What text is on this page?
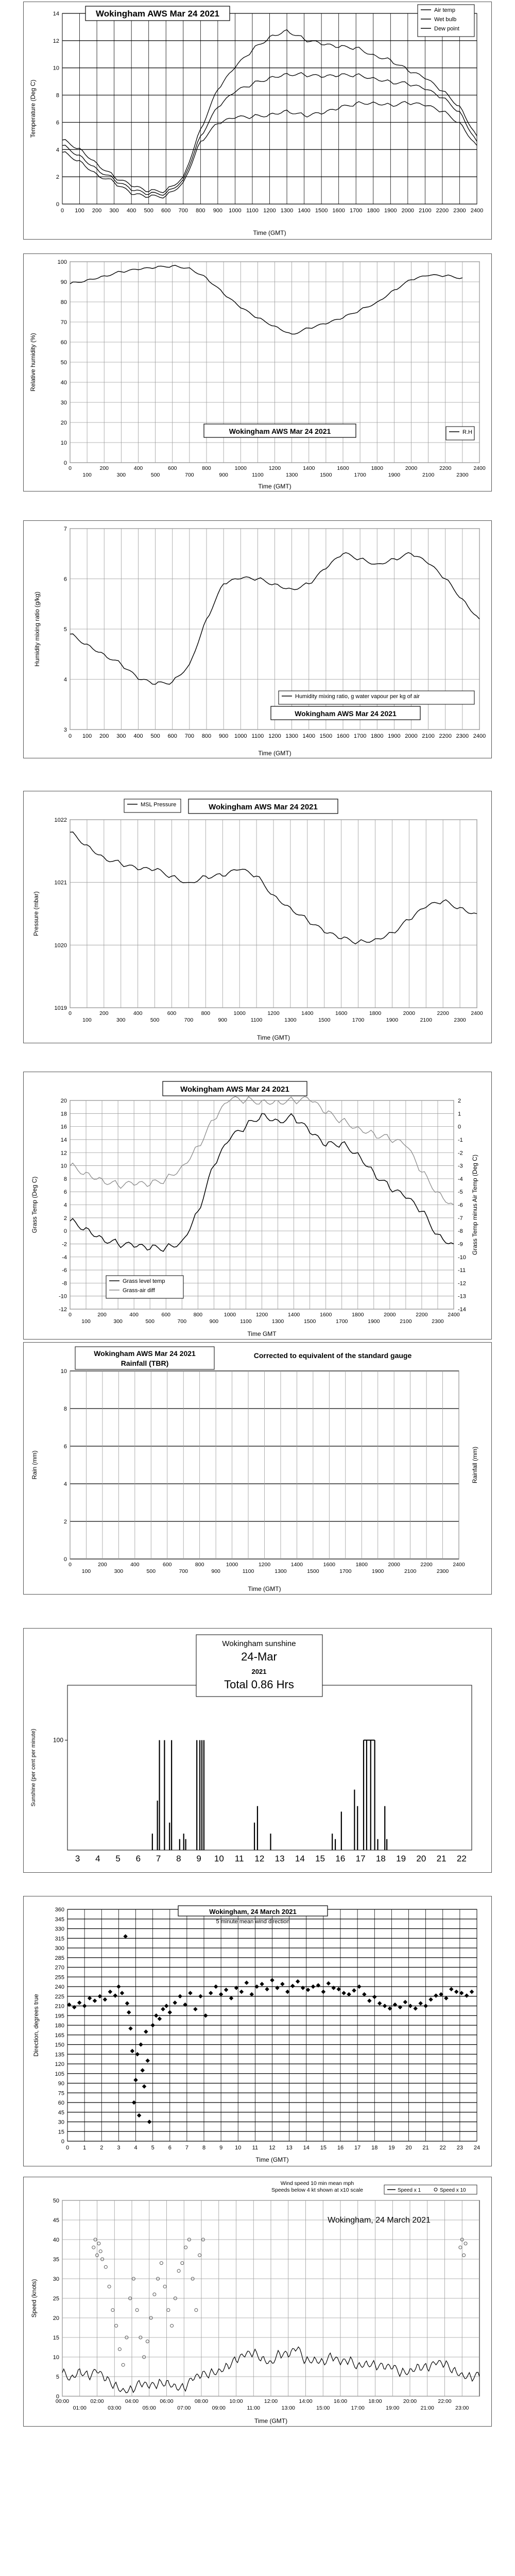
0
2
4
6
8
10
12
14
0 100 200 300 400 500 600 700 800 900 1000 1100 1200 1300 1400 1500 1600 1700 1800 1900 2000 2100 2200 2300 2400
Time (GMT)
Temperature (Deg C)
Wokingham AWS Mar 24 2021	Air temp
Wet bulb
Dew point
0
10
20
30
40
50
60
70
80
90
100
0	200	400	600	800	1000	1200	1400	1600	1800	2000	2200	2400
100	300	500	700	900	1100	1300	1500	1700	1900	2100	2300
Time (GMT)
Relative humidity (%)
Wokingham AWS Mar 24 2021	R.H
3
4
5
6
7
0 100 200 300 400 500 600 700 800 900 1000 1100 1200 1300 1400 1500 1600 1700 1800 1900 2000 2100 2200 2300 2400
Time (GMT)
Humidity mixing ratio (g/kg)
Wokingham AWS Mar 24 2021
Humidity mixing ratio, g water vapour per kg of air
1019
1020
1021
1022
0	200	400	600	800	1000	1200	1400	1600	1800	2000	2200	2400
100	300	500	700	900	1100	1300	1500	1700	1900	2100	2300
Time (GMT)
Pressure (mbar)
Wokingham AWS Mar 24 2021
MSL Pressure
20
18
16
14
12
10
8
6
4
2
0
-2
-4
-6
-8
-10
-12
0	200	400	600	800	1000	1200	1400	1600	1800	2000	2200	2400
100	300	500	700	900	1100	1300	1500	1700	1900	2100	2300
Time GMT
Grass Temp (Deg C)
2
1
0
-1
-2
-3
-4
-5
-6
-7
-8
-9
-10
-11
-12
-13
-14
Grass Temp minus Air Temp (Deg C)
Wokingham AWS Mar 24 2021
Grass level temp
Grass-air diff
0
2
4
6
8
10
0	200	400	600	800	1000	1200	1400	1600	1800	2000	2200	2400
100	300	500	700	900	1100	1300	1500	1700	1900	2100	2300
Time (GMT)
Rain (mm)	Rainfall (mm)
Wokingham AWS Mar 24 2021
Rainfall (TBR)
Corrected to equivalent of the standard gauge
100
3 4 5 6 7 8 9 10 11 12 13 14 15 16 17 18 19 20 21 22
Sunshine (per cent per minute)
Wokingham sunshine
24-Mar
2021
Total 0.86 Hrs
0
15
30
45
60
75
90
105
120
135
150
165
180
195
210
225
240
255
270
285
300
315
330
345
360
0 1 2 3 4 5 6 7 8 9 10 11 12 13 14 15 16 17 18 19 20 21 22 23 24
Time (GMT)
Direction, degrees true
Wokingham, 24 March 2021
5 minute mean wind direction
0
5
10
15
20
25
30
35
40
45
50
01:00	03:00	05:00	07:00	09:00	11:00	13:00	15:00	17:00	19:00	21:00	23:00
00:00	02:00	04:00	06:00	08:00	10:00	12:00	14:00	16:00	18:00	20:00	22:00
Time (GMT)
Speed (knots)
Wind speed 10 min mean mph
Speeds below 4 kt shown at x10 scale	Speed x 1	Speed x 10
Wokingham, 24 March 2021
